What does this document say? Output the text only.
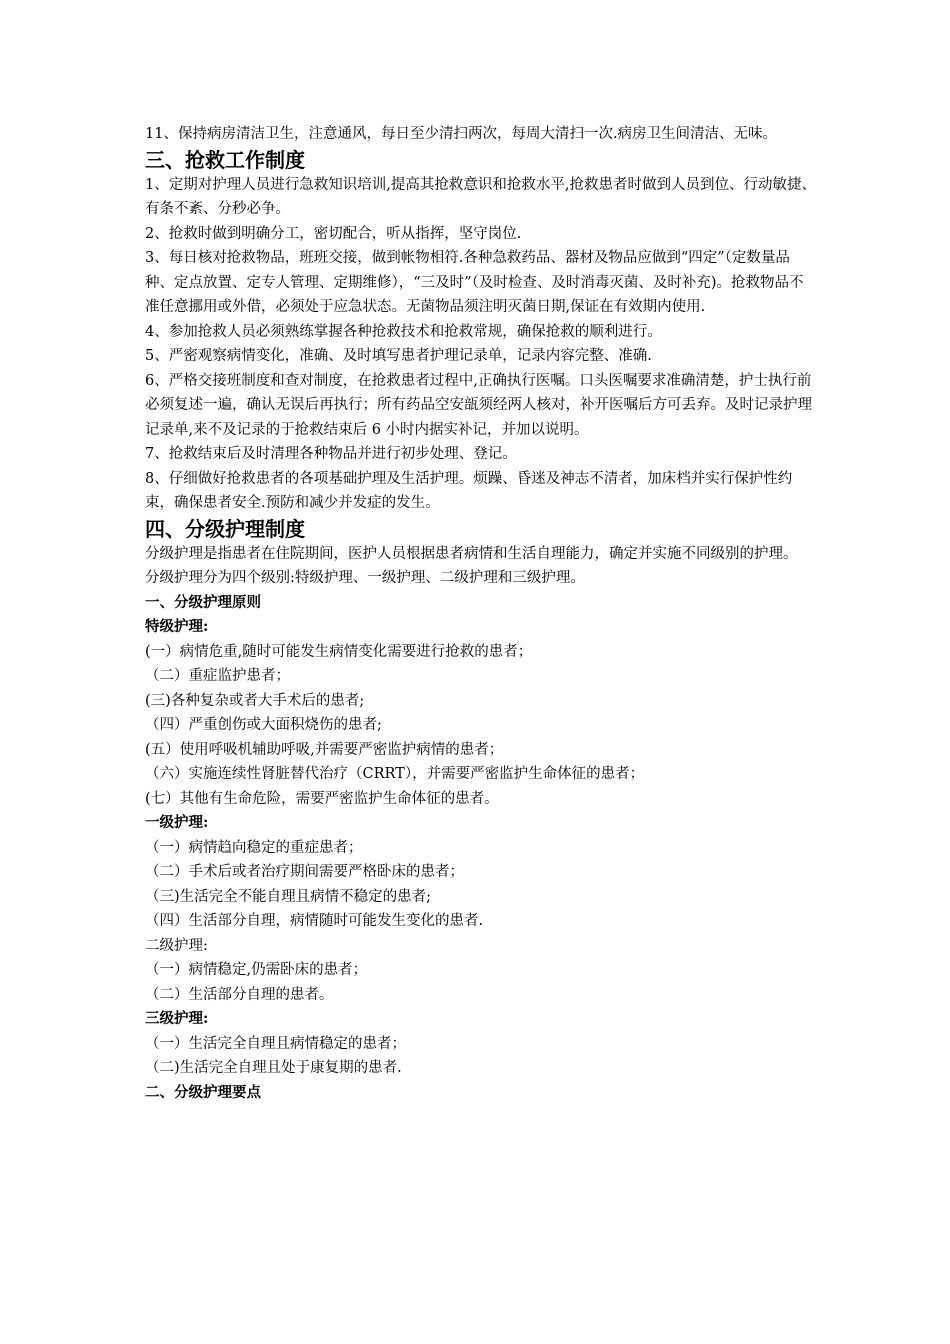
11、保持病房清洁卫生，注意通风，每日至少清扫两次，每周大清扫一次.病房卫生间清洁、无味。

三、抢救工作制度

1、定期对护理人员进行急救知识培训,提高其抢救意识和抢救水平,抢救患者时做到人员到位、行动敏捷、有条不紊、分秒必争。

2、抢救时做到明确分工，密切配合，听从指挥，坚守岗位.

3、每日核对抢救物品，班班交接，做到帐物相符.各种急救药品、器材及物品应做到“四定”（定数量品种、定点放置、定专人管理、定期维修），“三及时”（及时检查、及时消毒灭菌、及时补充)。抢救物品不准任意挪用或外借，必须处于应急状态。无菌物品须注明灭菌日期,保证在有效期内使用.

4、参加抢救人员必须熟练掌握各种抢救技术和抢救常规，确保抢救的顺利进行。

5、严密观察病情变化，准确、及时填写患者护理记录单，记录内容完整、准确.

6、严格交接班制度和查对制度，在抢救患者过程中,正确执行医嘱。口头医嘱要求准确清楚，护士执行前必须复述一遍，确认无误后再执行；所有药品空安瓿须经两人核对，补开医嘱后方可丢弃。及时记录护理记录单,来不及记录的于抢救结束后 6 小时内据实补记，并加以说明。

7、抢救结束后及时清理各种物品并进行初步处理、登记。

8、仔细做好抢救患者的各项基础护理及生活护理。烦躁、昏迷及神志不清者，加床档并实行保护性约束，确保患者安全.预防和减少并发症的发生。

四、分级护理制度

分级护理是指患者在住院期间，医护人员根据患者病情和生活自理能力，确定并实施不同级别的护理。

分级护理分为四个级别:特级护理、一级护理、二级护理和三级护理。

一、分级护理原则

特级护理:

(一）病情危重,随时可能发生病情变化需要进行抢救的患者；

（二）重症监护患者；

(三)各种复杂或者大手术后的患者;

（四）严重创伤或大面积烧伤的患者;

(五）使用呼吸机辅助呼吸,并需要严密监护病情的患者；

（六）实施连续性肾脏替代治疗（CRRT），并需要严密监护生命体征的患者；

(七）其他有生命危险，需要严密监护生命体征的患者。

一级护理:

（一）病情趋向稳定的重症患者；

（二）手术后或者治疗期间需要严格卧床的患者；

（三)生活完全不能自理且病情不稳定的患者;

（四）生活部分自理，病情随时可能发生变化的患者.

二级护理:

（一）病情稳定,仍需卧床的患者；

（二）生活部分自理的患者。

三级护理:

（一）生活完全自理且病情稳定的患者；

（二)生活完全自理且处于康复期的患者.

二、分级护理要点
